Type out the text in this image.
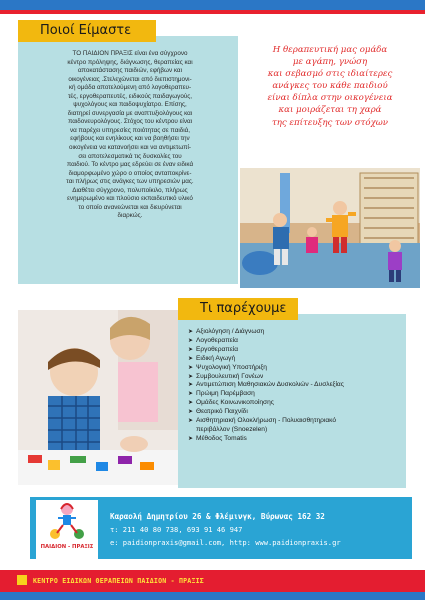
Ποιοί Είμαστε
ΤΟ ΠΑΙΔΙΟΝ ΠΡΑΞΙΣ είναι ένα σύγχρονο
κέντρο πρόληψης, διάγνωσης, θεραπείας και
αποκατάστασης παιδιών, εφήβων και
οικογένειας .Στελεχώνεται από διεπιστημονι-
κή ομάδα αποτελούμενη από λογοθεραπευ-
τές, εργοθεραπευτές, ειδικούς παιδαγωγούς,
ψυχολόγους και παιδοψυχίατρο. Επίσης,
διατηρεί συνεργασία με αναπτυξιολόγους και
παιδονευρολόγους. Στόχος του κέντρου είναι
να παρέχει υπηρεσίες ποιότητας σε παιδιά,
εφήβους και ενηλίκους και να βοηθήσει την
οικογένεια να κατανοήσει και να αντιμετωπί-
σει αποτελεσματικά τις δυσκολίες του
παιδιού. Το κέντρο μας εδρεύει σε έναν ειδικά
διαμορφωμένο χώρο ο οποίος ανταποκρίνε-
ται πλήρως στις ανάγκες των υπηρεσιών μας.
Διαθέτει σύγχρονο, πολυποίκιλο, πλήρως
ενημερωμένο και πλούσιο εκπαιδευτικό υλικό
το οποίο ανανεώνεται και διευρύνεται
διαρκώς.
Η θεραπευτική μας ομάδα
με αγάπη, γνώση
και σεβασμό στις ιδιαίτερες
ανάγκες του κάθε παιδιού
είναι δίπλα στην οικογένεια
και μοιράζεται τη χαρά
της επίτευξης των στόχων
Τι παρέχουμε
➤ Αξιολόγηση / Διάγνωση
➤ Λογοθεραπεία
➤ Εργοθεραπεία
➤ Ειδική Αγωγή
➤ Ψυχολογική Υποστήριξη
➤ Συμβουλευτική Γονέων
➤ Αντιμετώπιση Μαθησιακών Δυσκολιών - Δυσλεξίας
➤ Πρώιμη Παρέμβαση
➤ Ομάδες Κοινωνικοποίησης
➤ Θεατρικό Παιχνίδι
➤ Αισθητηριακή Ολοκλήρωση - Πολυαισθητηριακό
περιβάλλον (Snoezelen)
➤ Μέθοδος Tomatis
ΠΑΙΔΙΟΝ - ΠΡΑΞΙΣ
Καραολή Δημητρίου 26 & Φλέμινγκ, Βύρωνας 162 32
τ: 211 40 80 738, 693 91 46 947
e: paidionpraxis@gmail.com, http: www.paidionpraxis.gr
ΚΕΝΤΡΟ ΕΙΔΙΚΩΝ ΘΕΡΑΠΕΙΩΝ ΠΑΙΔΙΟΝ - ΠΡΑΞΙΣ
